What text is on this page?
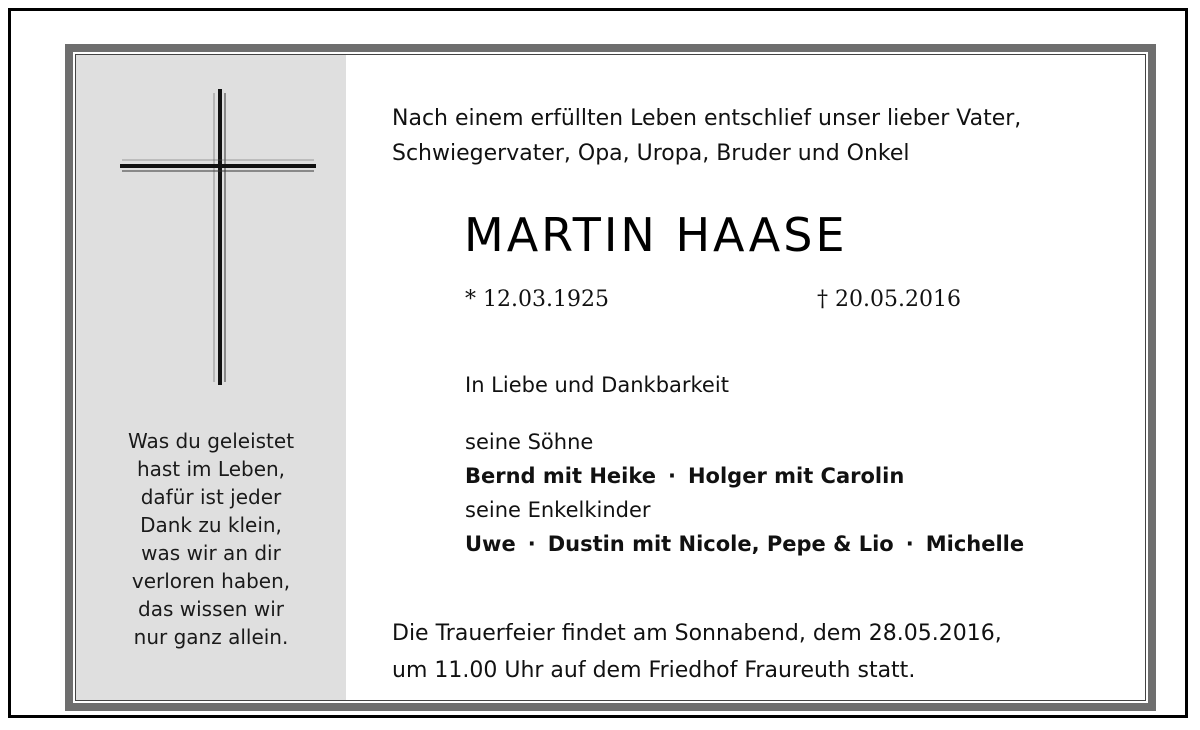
Was du geleistet
hast im Leben,
dafür ist jeder
Dank zu klein,
was wir an dir
verloren haben,
das wissen wir
nur ganz allein.
Nach einem erfüllten Leben entschlief unser lieber Vater,
Schwiegervater, Opa, Uropa, Bruder und Onkel
MARTIN HAASE
* 12.03.1925	† 20.05.2016
In Liebe und Dankbarkeit
seine Söhne
Bernd mit Heike · Holger mit Carolin
seine Enkelkinder
Uwe · Dustin mit Nicole, Pepe & Lio · Michelle
Die Trauerfeier findet am Sonnabend, dem 28.05.2016,
um 11.00 Uhr auf dem Friedhof Fraureuth statt.
